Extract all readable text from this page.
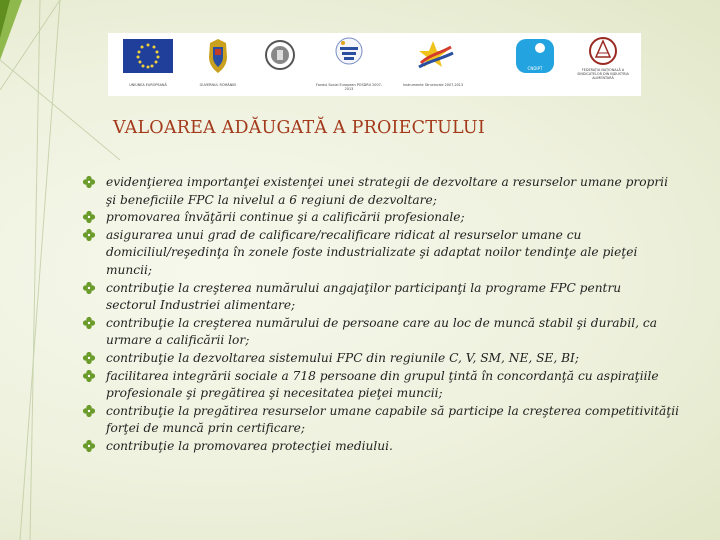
UNIUNEA EUROPEANĂ	GUVERNUL ROMÂNIEI	Fondul Social European POSDRU 2007-2013
Instrumente Structurale 2007-2013
CNDIPT	FEDERAŢIA NAŢIONALĂ A SINDICATELOR DIN INDUSTRIA ALIMENTARĂ
VALOAREA ADĂUGATĂ A PROIECTULUI
evidenţierea importanţei existenţei unei strategii de dezvoltare a resurselor umane proprii
şi beneficiile FPC la nivelul a 6 regiuni de dezvoltare;
promovarea învăţării continue şi a calificării profesionale;
asigurarea unui grad de calificare/recalificare ridicat al resurselor umane cu
domiciliul/reşedinţa în zonele foste industrializate şi adaptat noilor tendinţe ale pieţei
muncii;
contribuţie la creşterea numărului angajaţilor participanţi la programe FPC pentru
sectorul Industriei alimentare;
contribuţie la creşterea numărului de persoane care au loc de muncă stabil şi durabil, ca
urmare a calificării lor;
contribuţie la dezvoltarea sistemului FPC din regiunile C, V, SM, NE, SE, BI;
facilitarea integrării sociale a 718 persoane din grupul ţintă în concordanţă cu aspiraţiile
profesionale şi pregătirea şi necesitatea pieţei muncii;
contribuţie la pregătirea resurselor umane capabile să participe la creşterea competitivităţii
forţei de muncă prin certificare;
contribuţie la promovarea protecţiei mediului.
